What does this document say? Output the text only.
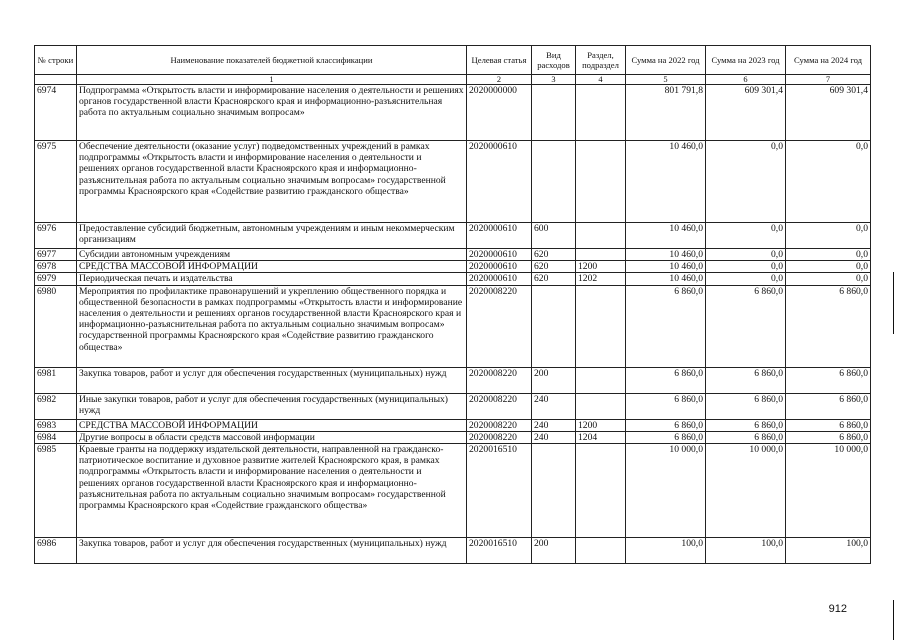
№ строки	Наименование показателей бюджетной классификации	Целевая статья	Вид расходов	Раздел, подраздел	Сумма на 2022 год	Сумма на 2023 год	Сумма на 2024 год
	1	2	3	4	5	6	7
6974	Подпрограмма «Открытость власти и информирование населения о деятельности и решениях органов государственной власти Красноярского края и информационно-разъяснительная работа по актуальным социально значимым вопросам»	2020000000			801 791,8	609 301,4	609 301,4
6975	Обеспечение деятельности (оказание услуг) подведомственных учреждений в рамках подпрограммы «Открытость власти и информирование населения о деятельности и решениях органов государственной власти Красноярского края и информационно-разъяснительная работа по актуальным социально значимым вопросам» государственной программы Красноярского края «Содействие развитию гражданского общества»	2020000610			10 460,0	0,0	0,0
6976	Предоставление субсидий бюджетным, автономным учреждениям и иным некоммерческим организациям	2020000610	600		10 460,0	0,0	0,0
6977	Субсидии автономным учреждениям	2020000610	620		10 460,0	0,0	0,0
6978	СРЕДСТВА МАССОВОЙ ИНФОРМАЦИИ	2020000610	620	1200	10 460,0	0,0	0,0
6979	Периодическая печать и издательства	2020000610	620	1202	10 460,0	0,0	0,0
6980	Мероприятия по профилактике правонарушений и укреплению общественного порядка и общественной безопасности в рамках подпрограммы «Открытость власти и информирование населения о деятельности и решениях органов государственной власти Красноярского края и информационно-разъяснительная работа по актуальным социально значимым вопросам» государственной программы Красноярского края «Содействие развитию гражданского общества»	2020008220			6 860,0	6 860,0	6 860,0
6981	Закупка товаров, работ и услуг для обеспечения государственных (муниципальных) нужд	2020008220	200		6 860,0	6 860,0	6 860,0
6982	Иные закупки товаров, работ и услуг для обеспечения государственных (муниципальных) нужд	2020008220	240		6 860,0	6 860,0	6 860,0
6983	СРЕДСТВА МАССОВОЙ ИНФОРМАЦИИ	2020008220	240	1200	6 860,0	6 860,0	6 860,0
6984	Другие вопросы в области средств массовой информации	2020008220	240	1204	6 860,0	6 860,0	6 860,0
6985	Краевые гранты на поддержку издательской деятельности, направленной на гражданско-патриотическое воспитание и духовное развитие жителей Красноярского края, в рамках подпрограммы «Открытость власти и информирование населения о деятельности и решениях органов государственной власти Красноярского края и информационно-разъяснительная работа по актуальным социально значимым вопросам» государственной программы Красноярского края «Содействие гражданского общества»	2020016510			10 000,0	10 000,0	10 000,0
6986	Закупка товаров, работ и услуг для обеспечения государственных (муниципальных) нужд	2020016510	200		100,0	100,0	100,0
912
